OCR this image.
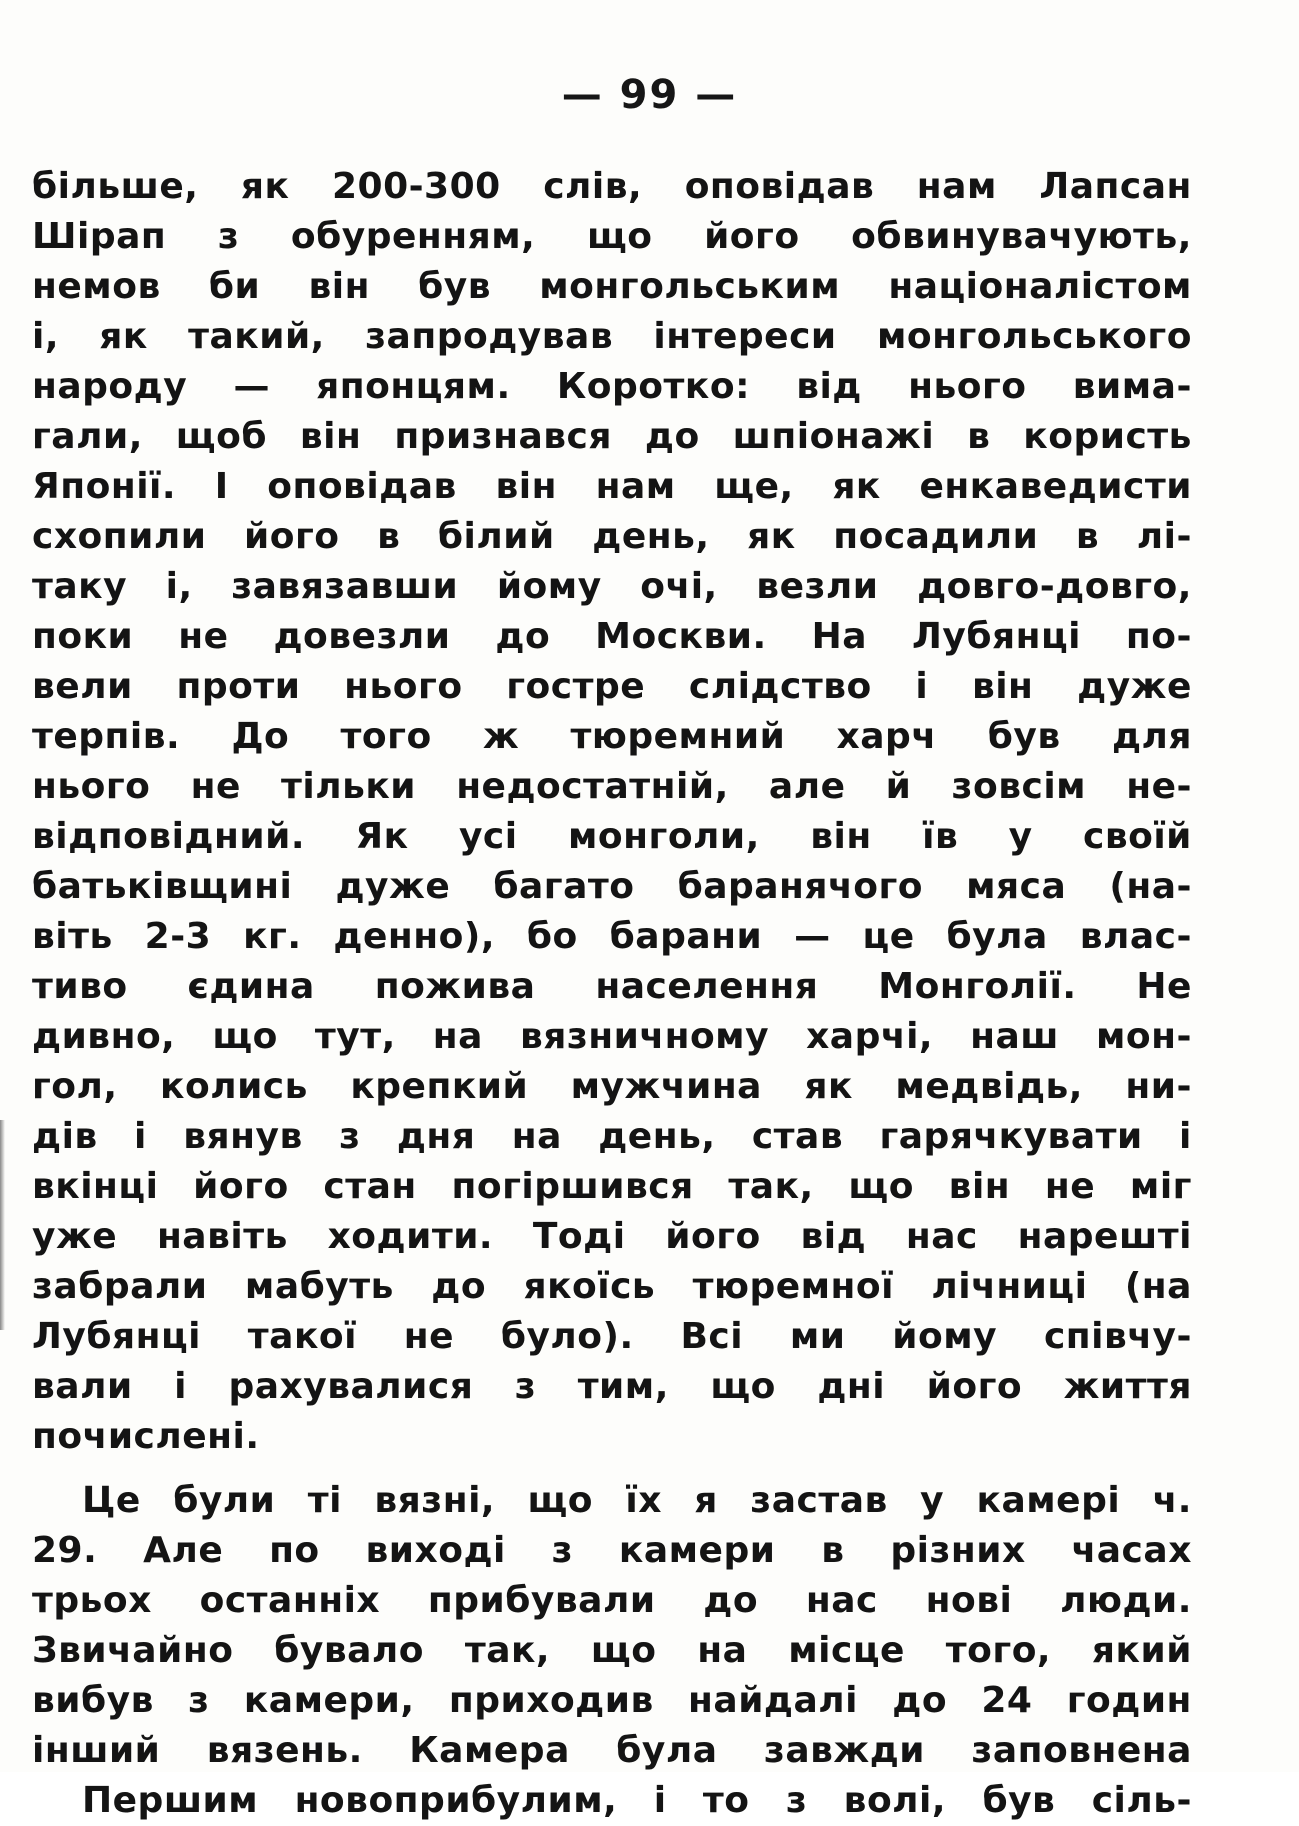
— 99 —
більше, як 200-300 слів, оповідав нам Лапсан
Шірап з обуренням, що його обвинувачують,
немов би він був монгольським націоналістом
і, як такий, запродував інтереси монгольського
народу — японцям. Коротко: від нього вима-
гали, щоб він признався до шпіонажі в користь
Японії. І оповідав він нам ще, як енкаведисти
схопили його в білий день, як посадили в лі-
таку і, завязавши йому очі, везли довго-довго,
поки не довезли до Москви. На Лубянці по-
вели проти нього гостре слідство і він дуже
терпів. До того ж тюремний харч був для
нього не тільки недостатній, але й зовсім не-
відповідний. Як усі монголи, він їв у своїй
батьківщині дуже багато баранячого мяса (на-
віть 2-3 кг. денно), бо барани — це була влас-
тиво єдина пожива населення Монголії. Не
дивно, що тут, на вязничному харчі, наш мон-
гол, колись крепкий мужчина як медвідь, ни-
дів і вянув з дня на день, став гарячкувати і
вкінці його стан погіршився так, що він не міг
уже навіть ходити. Тоді його від нас нарешті
забрали мабуть до якоїсь тюремної лічниці (на
Лубянці такої не було). Всі ми йому співчу-
вали і рахувалися з тим, що дні його життя
почислені.
Це були ті вязні, що їх я застав у камері ч.
29. Але по виході з камери в різних часах
трьох останніх прибували до нас нові люди.
Звичайно бувало так, що на місце того, який
вибув з камери, приходив найдалі до 24 годин
інший вязень. Камера була завжди заповнена
Першим новоприбулим, і то з волі, був сіль-
